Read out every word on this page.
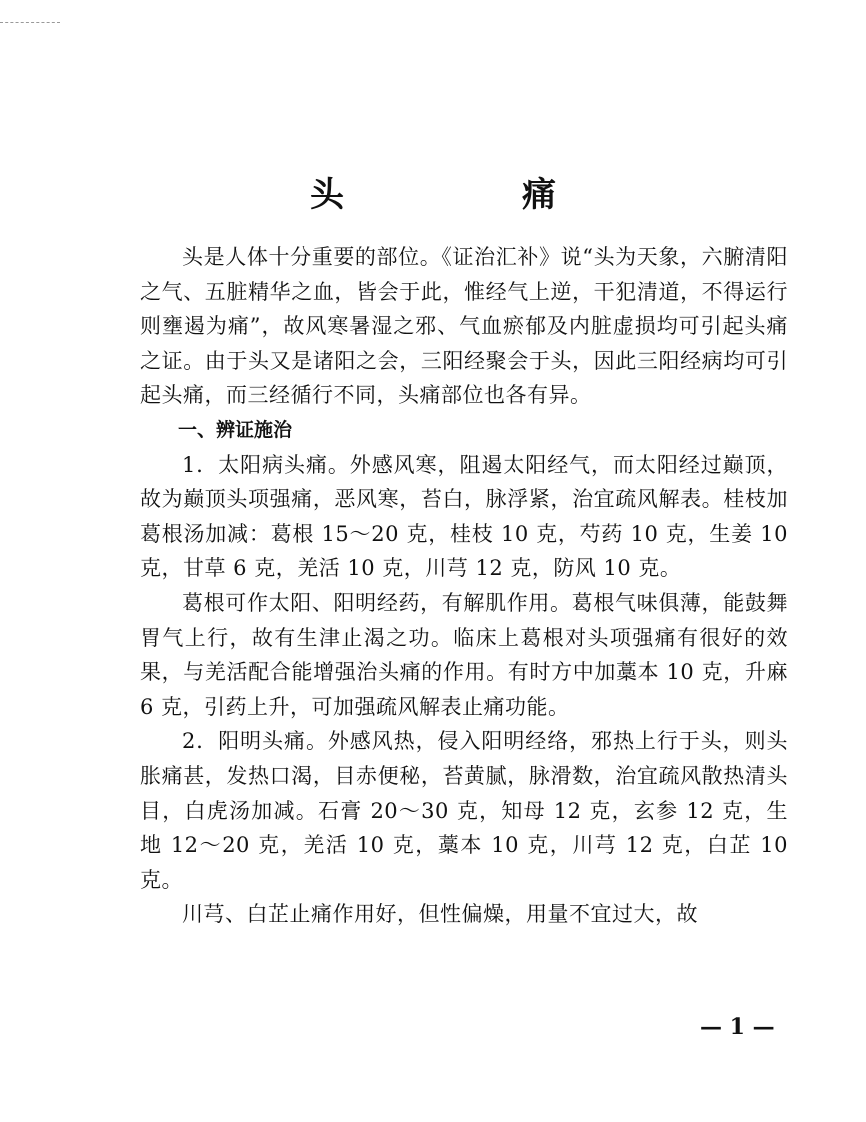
头　痛

头是人体十分重要的部位。《证治汇补》说“头为天象，六腑清阳之气、五脏精华之血，皆会于此，惟经气上逆，干犯清道，不得运行则壅遏为痛”，故风寒暑湿之邪、气血瘀郁及内脏虚损均可引起头痛之证。由于头又是诸阳之会，三阳经聚会于头，因此三阳经病均可引起头痛，而三经循行不同，头痛部位也各有异。

一、辨证施治

1．太阳病头痛。外感风寒，阻遏太阳经气，而太阳经过巅顶，故为巅顶头项强痛，恶风寒，苔白，脉浮紧，治宜疏风解表。桂枝加葛根汤加减：葛根 15～20 克，桂枝 10 克，芍药 10 克，生姜 10 克，甘草 6 克，羌活 10 克，川芎 12 克，防风 10 克。

葛根可作太阳、阳明经药，有解肌作用。葛根气味俱薄，能鼓舞胃气上行，故有生津止渴之功。临床上葛根对头项强痛有很好的效果，与羌活配合能增强治头痛的作用。有时方中加藁本 10 克，升麻 6 克，引药上升，可加强疏风解表止痛功能。

2．阳明头痛。外感风热，侵入阳明经络，邪热上行于头，则头胀痛甚，发热口渴，目赤便秘，苔黄腻，脉滑数，治宜疏风散热清头目，白虎汤加减。石膏 20～30 克，知母 12 克，玄参 12 克，生地 12～20 克，羌活 10 克，藁本 10 克，川芎 12 克，白芷 10 克。

川芎、白芷止痛作用好，但性偏燥，用量不宜过大，故

— 1 —
